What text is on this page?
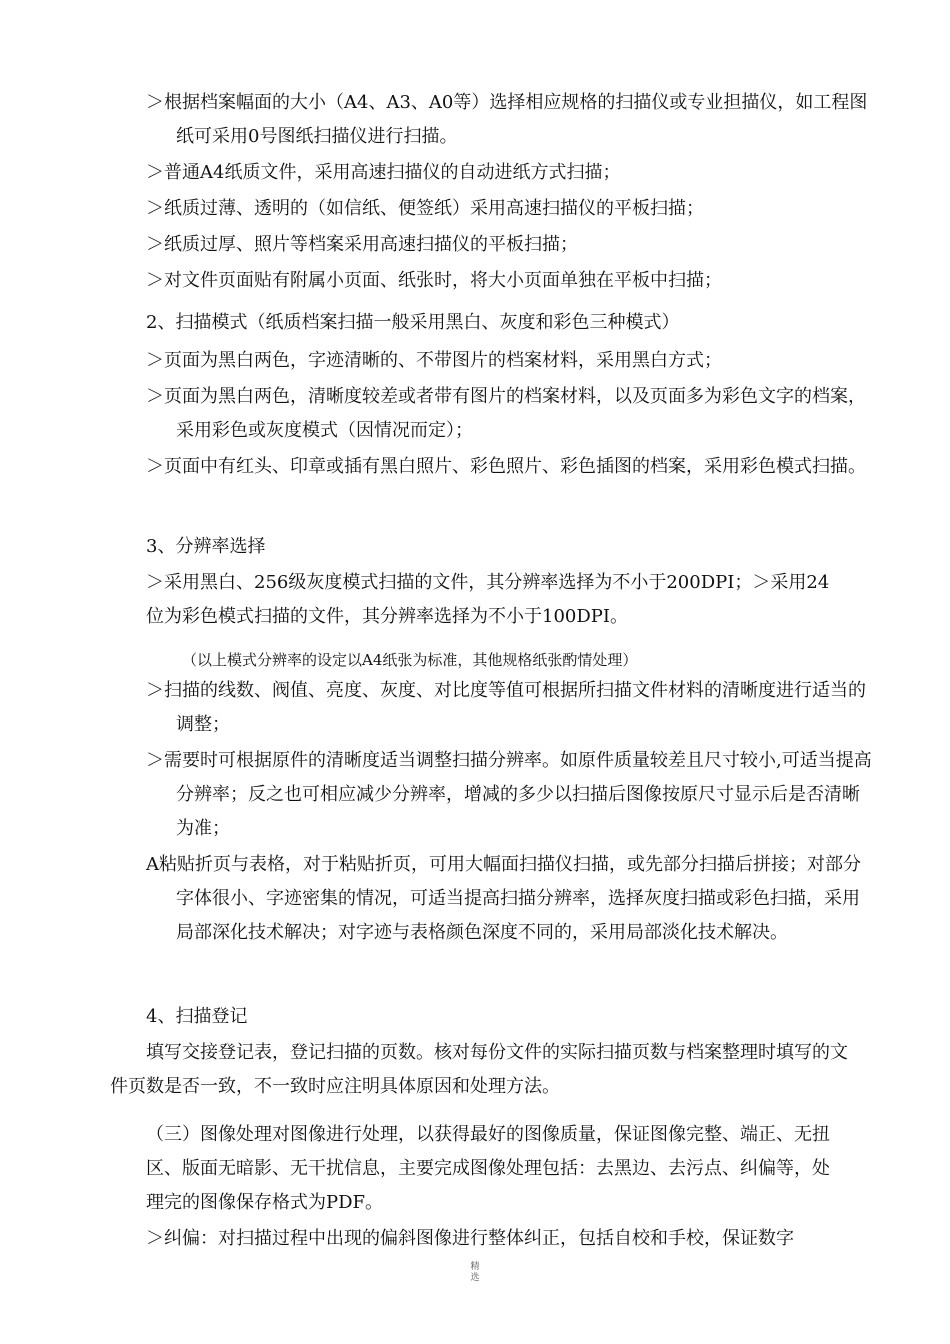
＞根据档案幅面的大小（A4、A3、A0等）选择相应规格的扫描仪或专业担描仪，如工程图纸可采用0号图纸扫描仪进行扫描。

＞普通A4纸质文件，采用高速扫描仪的自动进纸方式扫描；

＞纸质过薄、透明的（如信纸、便签纸）采用高速扫描仪的平板扫描；

＞纸质过厚、照片等档案采用高速扫描仪的平板扫描；

＞对文件页面贴有附属小页面、纸张时，将大小页面单独在平板中扫描；

2、扫描模式（纸质档案扫描一般采用黑白、灰度和彩色三种模式）

＞页面为黑白两色，字迹清晰的、不带图片的档案材料，采用黑白方式；

＞页面为黑白两色，清晰度较差或者带有图片的档案材料，以及页面多为彩色文字的档案，采用彩色或灰度模式（因情况而定）；

＞页面中有红头、印章或插有黑白照片、彩色照片、彩色插图的档案，采用彩色模式扫描。

3、分辨率选择

＞采用黑白、256级灰度模式扫描的文件，其分辨率选择为不小于200DPI；＞采用24位为彩色模式扫描的文件，其分辨率选择为不小于100DPI。

（以上模式分辨率的设定以A4纸张为标准，其他规格纸张酌情处理）

＞扫描的线数、阀值、亮度、灰度、对比度等值可根据所扫描文件材料的清晰度进行适当的调整；

＞需要时可根据原件的清晰度适当调整扫描分辨率。如原件质量较差且尺寸较小,可适当提高分辨率；反之也可相应减少分辨率，增减的多少以扫描后图像按原尺寸显示后是否清晰为准；

A粘贴折页与表格，对于粘贴折页，可用大幅面扫描仪扫描，或先部分扫描后拼接；对部分字体很小、字迹密集的情况，可适当提高扫描分辨率，选择灰度扫描或彩色扫描，采用局部深化技术解决；对字迹与表格颜色深度不同的，采用局部淡化技术解决。

4、扫描登记

填写交接登记表，登记扫描的页数。核对每份文件的实际扫描页数与档案整理时填写的文件页数是否一致，不一致时应注明具体原因和处理方法。

（三）图像处理对图像进行处理，以获得最好的图像质量，保证图像完整、端正、无扭区、版面无暗影、无干扰信息，主要完成图像处理包括：去黑边、去污点、纠偏等，处理完的图像保存格式为PDF。

＞纠偏：对扫描过程中出现的偏斜图像进行整体纠正，包括自校和手校，保证数字

精
选
